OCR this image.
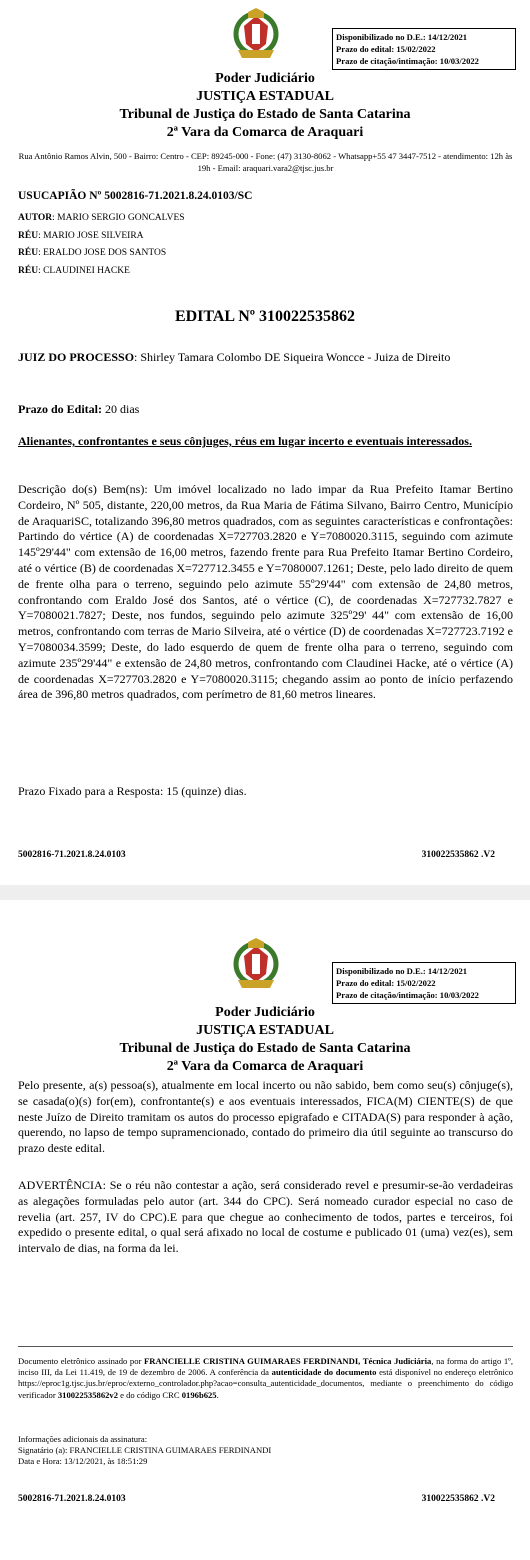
Disponibilizado no D.E.: 14/12/2021
Prazo do edital: 15/02/2022
Prazo de citação/intimação: 10/03/2022
Poder Judiciário
JUSTIÇA ESTADUAL
Tribunal de Justiça do Estado de Santa Catarina
2ª Vara da Comarca de Araquari
Rua Antônio Ramos Alvin, 500 - Bairro: Centro - CEP: 89245-000 - Fone: (47) 3130-8062 - Whatsapp+55 47 3447-7512 - atendimento: 12h às 19h - Email: araquari.vara2@tjsc.jus.br
USUCAPIÃO Nº 5002816-71.2021.8.24.0103/SC
AUTOR: MARIO SERGIO GONCALVES
RÉU: MARIO JOSE SILVEIRA
RÉU: ERALDO JOSE DOS SANTOS
RÉU: CLAUDINEI HACKE
EDITAL Nº 310022535862
JUIZ DO PROCESSO: Shirley Tamara Colombo DE Siqueira Woncce - Juiza de Direito
Prazo do Edital: 20 dias
Alienantes, confrontantes e seus cônjuges, réus em lugar incerto e eventuais interessados.
Descrição do(s) Bem(ns): Um imóvel localizado no lado impar da Rua Prefeito Itamar Bertino Cordeiro, Nº 505, distante, 220,00 metros, da Rua Maria de Fátima Silvano, Bairro Centro, Município de AraquariSC, totalizando 396,80 metros quadrados, com as seguintes características e confrontações: Partindo do vértice (A) de coordenadas X=727703.2820 e Y=7080020.3115, seguindo com azimute 145º29'44" com extensão de 16,00 metros, fazendo frente para Rua Prefeito Itamar Bertino Cordeiro, até o vértice (B) de coordenadas X=727712.3455 e Y=7080007.1261; Deste, pelo lado direito de quem de frente olha para o terreno, seguindo pelo azimute 55º29'44" com extensão de 24,80 metros, confrontando com Eraldo José dos Santos, até o vértice (C), de coordenadas X=727732.7827 e Y=7080021.7827; Deste, nos fundos, seguindo pelo azimute 325º29' 44" com extensão de 16,00 metros, confrontando com terras de Mario Silveira, até o vértice (D) de coordenadas X=727723.7192 e Y=7080034.3599; Deste, do lado esquerdo de quem de frente olha para o terreno, seguindo com azimute 235º29'44" e extensão de 24,80 metros, confrontando com Claudinei Hacke, até o vértice (A) de coordenadas X=727703.2820 e Y=7080020.3115; chegando assim ao ponto de início perfazendo área de 396,80 metros quadrados, com perímetro de 81,60 metros lineares.
Prazo Fixado para a Resposta: 15 (quinze) dias.
5002816-71.2021.8.24.0103	310022535862 .V2
Disponibilizado no D.E.: 14/12/2021
Prazo do edital: 15/02/2022
Prazo de citação/intimação: 10/03/2022
Poder Judiciário
JUSTIÇA ESTADUAL
Tribunal de Justiça do Estado de Santa Catarina
2ª Vara da Comarca de Araquari
Pelo presente, a(s) pessoa(s), atualmente em local incerto ou não sabido, bem como seu(s) cônjuge(s), se casada(o)(s) for(em), confrontante(s) e aos eventuais interessados, FICA(M) CIENTE(S) de que neste Juízo de Direito tramitam os autos do processo epigrafado e CITADA(S) para responder à ação, querendo, no lapso de tempo supramencionado, contado do primeiro dia útil seguinte ao transcurso do prazo deste edital.
ADVERTÊNCIA: Se o réu não contestar a ação, será considerado revel e presumir-se-ão verdadeiras as alegações formuladas pelo autor (art. 344 do CPC). Será nomeado curador especial no caso de revelia (art. 257, IV do CPC).E para que chegue ao conhecimento de todos, partes e terceiros, foi expedido o presente edital, o qual será afixado no local de costume e publicado 01 (uma) vez(es), sem intervalo de dias, na forma da lei.
Documento eletrônico assinado por FRANCIELLE CRISTINA GUIMARAES FERDINANDI, Técnica Judiciária, na forma do artigo 1º, inciso III, da Lei 11.419, de 19 de dezembro de 2006. A conferência da autenticidade do documento está disponível no endereço eletrônico https://eproc1g.tjsc.jus.br/eproc/externo_controlador.php?acao=consulta_autenticidade_documentos, mediante o preenchimento do código verificador 310022535862v2 e do código CRC 0196b625.
Informações adicionais da assinatura:
Signatário (a): FRANCIELLE CRISTINA GUIMARAES FERDINANDI
Data e Hora: 13/12/2021, às 18:51:29
5002816-71.2021.8.24.0103	310022535862 .V2
